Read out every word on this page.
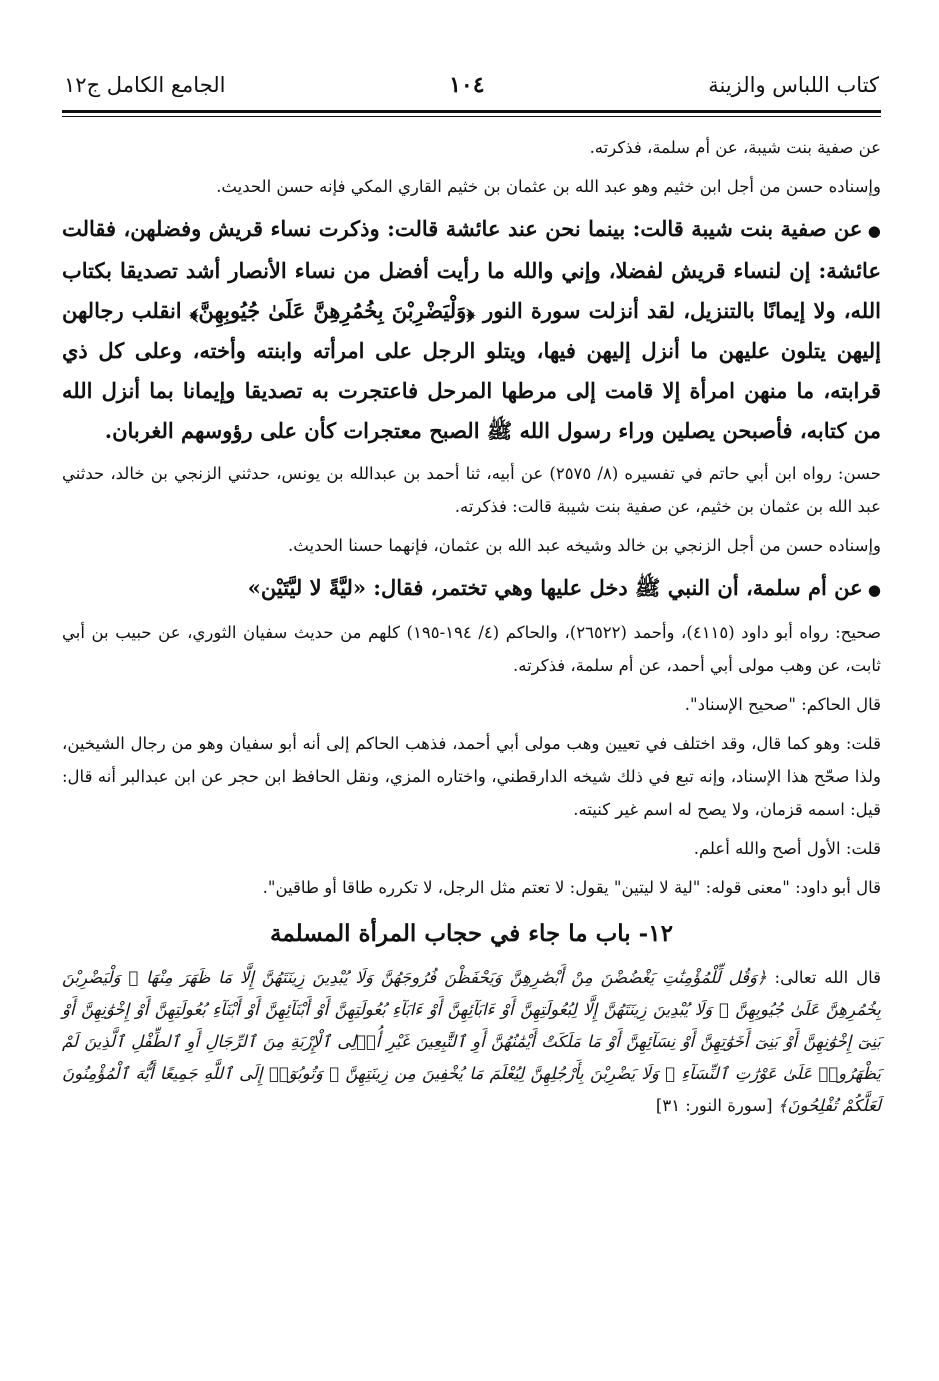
كتاب اللباس والزينة
١٠٤
الجامع الكامل ج١٢

عن صفية بنت شيبة، عن أم سلمة، فذكرته.

وإسناده حسن من أجل ابن خثيم وهو عبد الله بن عثمان بن خثيم القاري المكي فإنه حسن الحديث.

● عن صفية بنت شيبة قالت: بينما نحن عند عائشة قالت: وذكرت نساء قريش وفضلهن، فقالت عائشة: إن لنساء قريش لفضلا، وإني والله ما رأيت أفضل من نساء الأنصار أشد تصديقا بكتاب الله، ولا إيمانًا بالتنزيل، لقد أنزلت سورة النور ﴿وَلْيَضْرِبْنَ بِخُمُرِهِنَّ عَلَىٰ جُيُوبِهِنَّ﴾ انقلب رجالهن إليهن يتلون عليهن ما أنزل إليهن فيها، ويتلو الرجل على امرأته وابنته وأخته، وعلى كل ذي قرابته، ما منهن امرأة إلا قامت إلى مرطها المرحل فاعتجرت به تصديقا وإيمانا بما أنزل الله من كتابه، فأصبحن يصلين وراء رسول الله ﷺ الصبح معتجرات كأن على رؤوسهم الغربان.

حسن: رواه ابن أبي حاتم في تفسيره (٨/ ٢٥٧٥) عن أبيه، ثنا أحمد بن عبدالله بن يونس، حدثني الزنجي بن خالد، حدثني عبد الله بن عثمان بن خثيم، عن صفية بنت شيبة قالت: فذكرته.

وإسناده حسن من أجل الزنجي بن خالد وشيخه عبد الله بن عثمان، فإنهما حسنا الحديث.

● عن أم سلمة، أن النبي ﷺ دخل عليها وهي تختمر، فقال: «ليَّةً لا ليَّتَيْن»

صحيح: رواه أبو داود (٤١١٥)، وأحمد (٢٦٥٢٢)، والحاكم (٤/ ١٩٤-١٩٥) كلهم من حديث سفيان الثوري، عن حبيب بن أبي ثابت، عن وهب مولى أبي أحمد، عن أم سلمة، فذكرته.

قال الحاكم: "صحيح الإسناد".

قلت: وهو كما قال، وقد اختلف في تعيين وهب مولى أبي أحمد، فذهب الحاكم إلى أنه أبو سفيان وهو من رجال الشيخين، ولذا صحّح هذا الإسناد، وإنه تبع في ذلك شيخه الدارقطني، واختاره المزي، ونقل الحافظ ابن حجر عن ابن عبدالبر أنه قال: قيل: اسمه قزمان، ولا يصح له اسم غير كنيته.

قلت: الأول أصح والله أعلم.

قال أبو داود: "معنى قوله: "لية لا ليتين" يقول: لا تعتم مثل الرجل، لا تكرره طاقا أو طاقين".

١٢- باب ما جاء في حجاب المرأة المسلمة

قال الله تعالى: ﴿وَقُل لِّلْمُؤْمِنَٰتِ يَغْضُضْنَ مِنْ أَبْصَٰرِهِنَّ وَيَحْفَظْنَ فُرُوجَهُنَّ وَلَا يُبْدِينَ زِينَتَهُنَّ إِلَّا مَا ظَهَرَ مِنْهَا ۖ وَلْيَضْرِبْنَ بِخُمُرِهِنَّ عَلَىٰ جُيُوبِهِنَّ ۖ وَلَا يُبْدِينَ زِينَتَهُنَّ إِلَّا لِبُعُولَتِهِنَّ أَوْ ءَابَآئِهِنَّ أَوْ ءَابَآءِ بُعُولَتِهِنَّ أَوْ أَبْنَآئِهِنَّ أَوْ أَبْنَآءِ بُعُولَتِهِنَّ أَوْ إِخْوَٰنِهِنَّ أَوْ بَنِىٓ إِخْوَٰنِهِنَّ أَوْ بَنِىٓ أَخَوَٰتِهِنَّ أَوْ نِسَآئِهِنَّ أَوْ مَا مَلَكَتْ أَيْمَٰنُهُنَّ أَوِ ٱلتَّٰبِعِينَ غَيْرِ أُو۟لِى ٱلْإِرْبَةِ مِنَ ٱلرِّجَالِ أَوِ ٱلطِّفْلِ ٱلَّذِينَ لَمْ يَظْهَرُوا۟ عَلَىٰ عَوْرَٰتِ ٱلنِّسَآءِ ۖ وَلَا يَضْرِبْنَ بِأَرْجُلِهِنَّ لِيُعْلَمَ مَا يُخْفِينَ مِن زِينَتِهِنَّ ۚ وَتُوبُوٓا۟ إِلَى ٱللَّهِ جَمِيعًا أَيُّهَ ٱلْمُؤْمِنُونَ لَعَلَّكُمْ تُفْلِحُونَ﴾ [سورة النور: ٣١]
